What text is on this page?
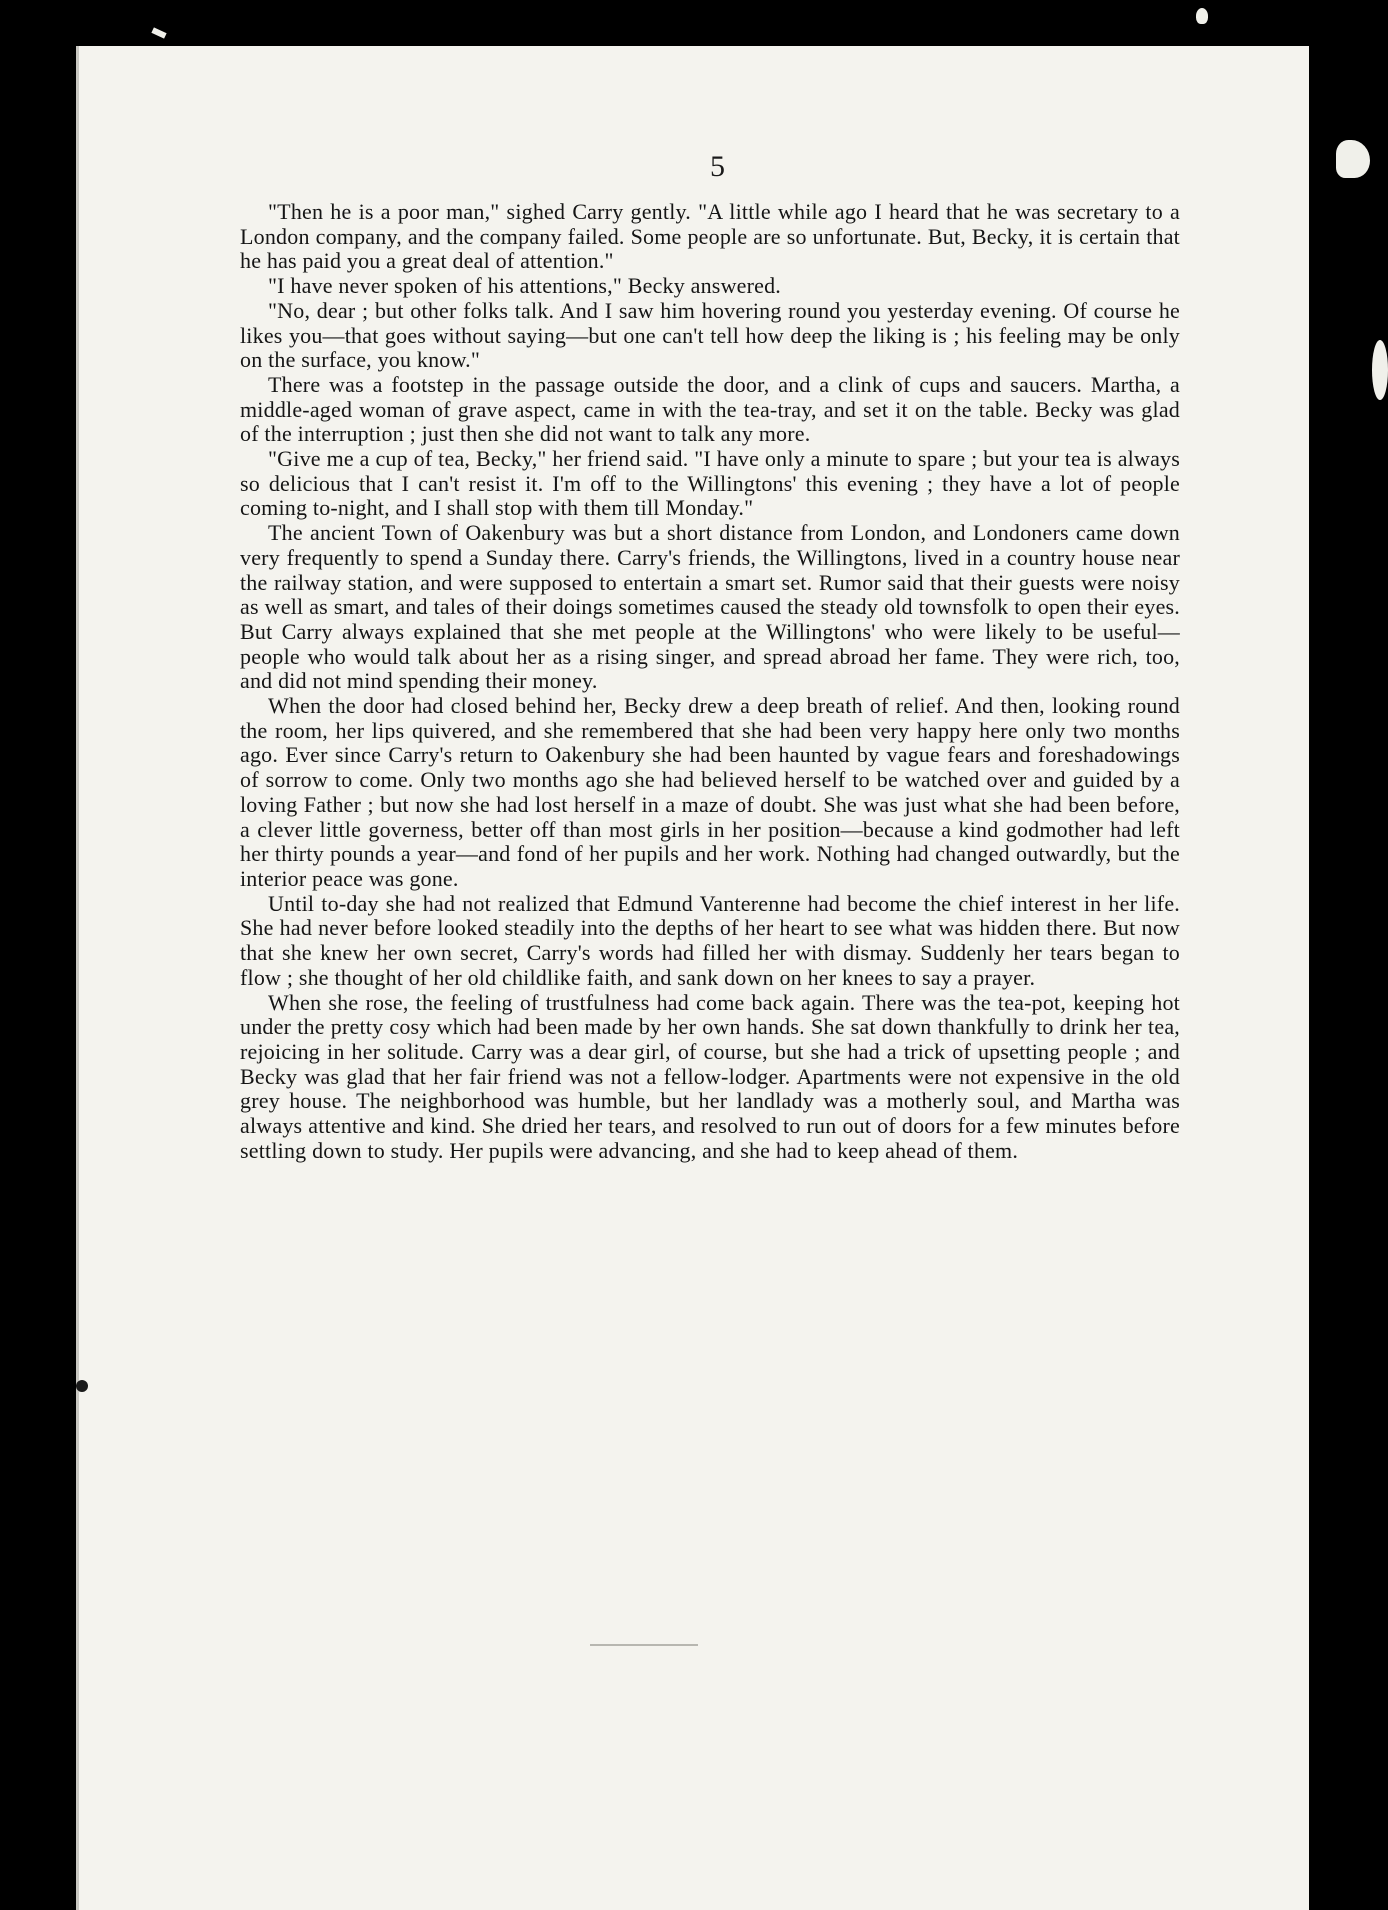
5

"Then he is a poor man," sighed Carry gently. "A little while ago I heard that he was secretary to a London company, and the company failed. Some people are so unfortunate. But, Becky, it is certain that he has paid you a great deal of attention."

"I have never spoken of his attentions," Becky answered.

"No, dear ; but other folks talk. And I saw him hovering round you yesterday evening. Of course he likes you—that goes without saying—but one can't tell how deep the liking is ; his feeling may be only on the surface, you know."

There was a footstep in the passage outside the door, and a clink of cups and saucers. Martha, a middle-aged woman of grave aspect, came in with the tea-tray, and set it on the table. Becky was glad of the interruption ; just then she did not want to talk any more.

"Give me a cup of tea, Becky," her friend said. "I have only a minute to spare ; but your tea is always so delicious that I can't resist it. I'm off to the Willingtons' this evening ; they have a lot of people coming to-night, and I shall stop with them till Monday."

The ancient Town of Oakenbury was but a short distance from London, and Londoners came down very frequently to spend a Sunday there. Carry's friends, the Willingtons, lived in a country house near the railway station, and were supposed to entertain a smart set. Rumor said that their guests were noisy as well as smart, and tales of their doings sometimes caused the steady old townsfolk to open their eyes. But Carry always explained that she met people at the Willingtons' who were likely to be useful—people who would talk about her as a rising singer, and spread abroad her fame. They were rich, too, and did not mind spending their money.

When the door had closed behind her, Becky drew a deep breath of relief. And then, looking round the room, her lips quivered, and she remembered that she had been very happy here only two months ago. Ever since Carry's return to Oakenbury she had been haunted by vague fears and foreshadowings of sorrow to come. Only two months ago she had believed herself to be watched over and guided by a loving Father ; but now she had lost herself in a maze of doubt. She was just what she had been before, a clever little governess, better off than most girls in her position—because a kind godmother had left her thirty pounds a year—and fond of her pupils and her work. Nothing had changed outwardly, but the interior peace was gone.

Until to-day she had not realized that Edmund Vanterenne had become the chief interest in her life. She had never before looked steadily into the depths of her heart to see what was hidden there. But now that she knew her own secret, Carry's words had filled her with dismay. Suddenly her tears began to flow ; she thought of her old childlike faith, and sank down on her knees to say a prayer.

When she rose, the feeling of trustfulness had come back again. There was the tea-pot, keeping hot under the pretty cosy which had been made by her own hands. She sat down thankfully to drink her tea, rejoicing in her solitude. Carry was a dear girl, of course, but she had a trick of upsetting people ; and Becky was glad that her fair friend was not a fellow-lodger. Apartments were not expensive in the old grey house. The neighborhood was humble, but her landlady was a motherly soul, and Martha was always attentive and kind. She dried her tears, and resolved to run out of doors for a few minutes before settling down to study. Her pupils were advancing, and she had to keep ahead of them.
